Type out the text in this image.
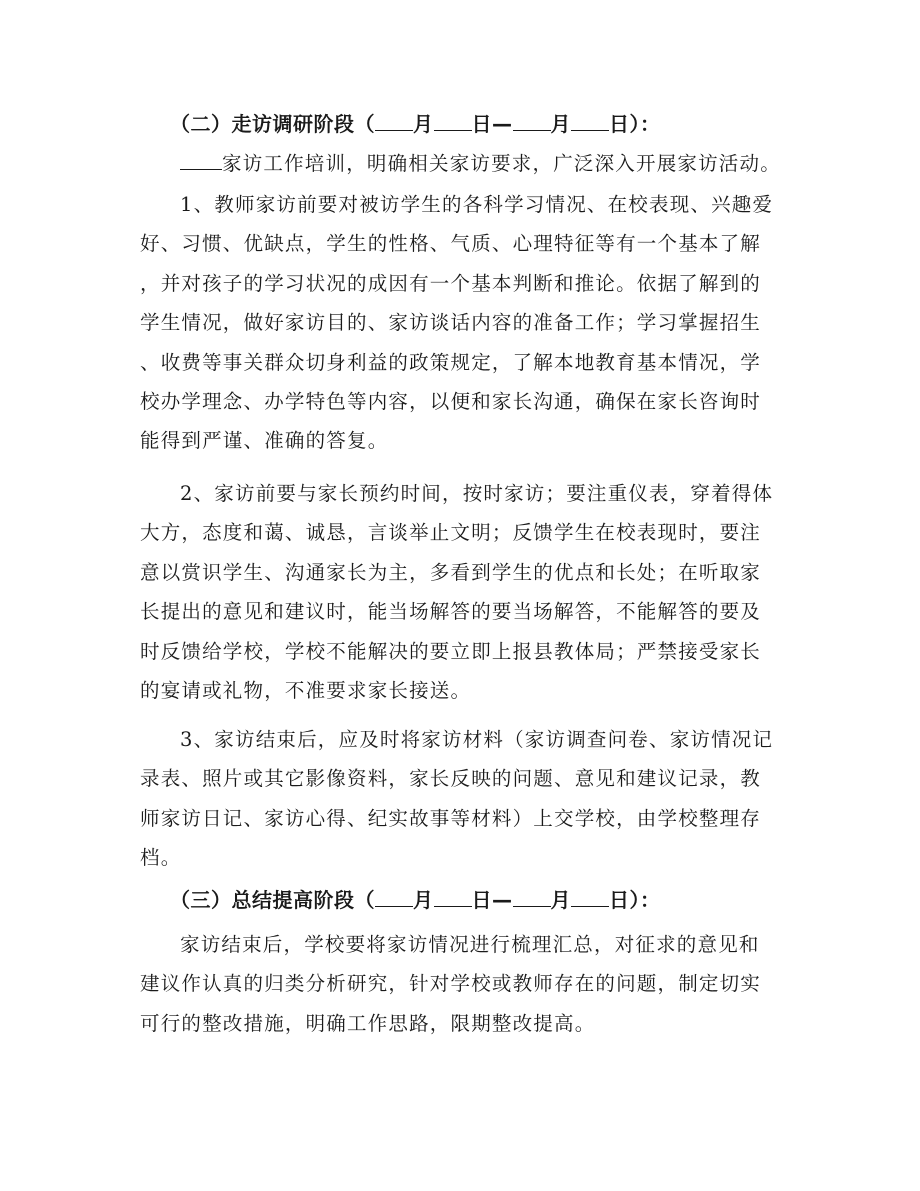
（二）走访调研阶段（ 月 日— 月 日）：
家访工作培训，明确相关家访要求，广泛深入开展家访活动。
1、教师家访前要对被访学生的各科学习情况、在校表现、兴趣爱
好、习惯、优缺点，学生的性格、气质、心理特征等有一个基本了解
，并对孩子的学习状况的成因有一个基本判断和推论。依据了解到的
学生情况，做好家访目的、家访谈话内容的准备工作；学习掌握招生
、收费等事关群众切身利益的政策规定，了解本地教育基本情况，学
校办学理念、办学特色等内容，以便和家长沟通，确保在家长咨询时
能得到严谨、准确的答复。
2、家访前要与家长预约时间，按时家访；要注重仪表，穿着得体
大方，态度和蔼、诚恳，言谈举止文明；反馈学生在校表现时，要注
意以赏识学生、沟通家长为主，多看到学生的优点和长处；在听取家
长提出的意见和建议时，能当场解答的要当场解答，不能解答的要及
时反馈给学校，学校不能解决的要立即上报县教体局；严禁接受家长
的宴请或礼物，不准要求家长接送。
3、家访结束后，应及时将家访材料（家访调查问卷、家访情况记
录表、照片或其它影像资料，家长反映的问题、意见和建议记录，教
师家访日记、家访心得、纪实故事等材料）上交学校，由学校整理存
档。
（三）总结提高阶段（ 月 日— 月 日）：
家访结束后，学校要将家访情况进行梳理汇总，对征求的意见和
建议作认真的归类分析研究，针对学校或教师存在的问题，制定切实
可行的整改措施，明确工作思路，限期整改提高。
